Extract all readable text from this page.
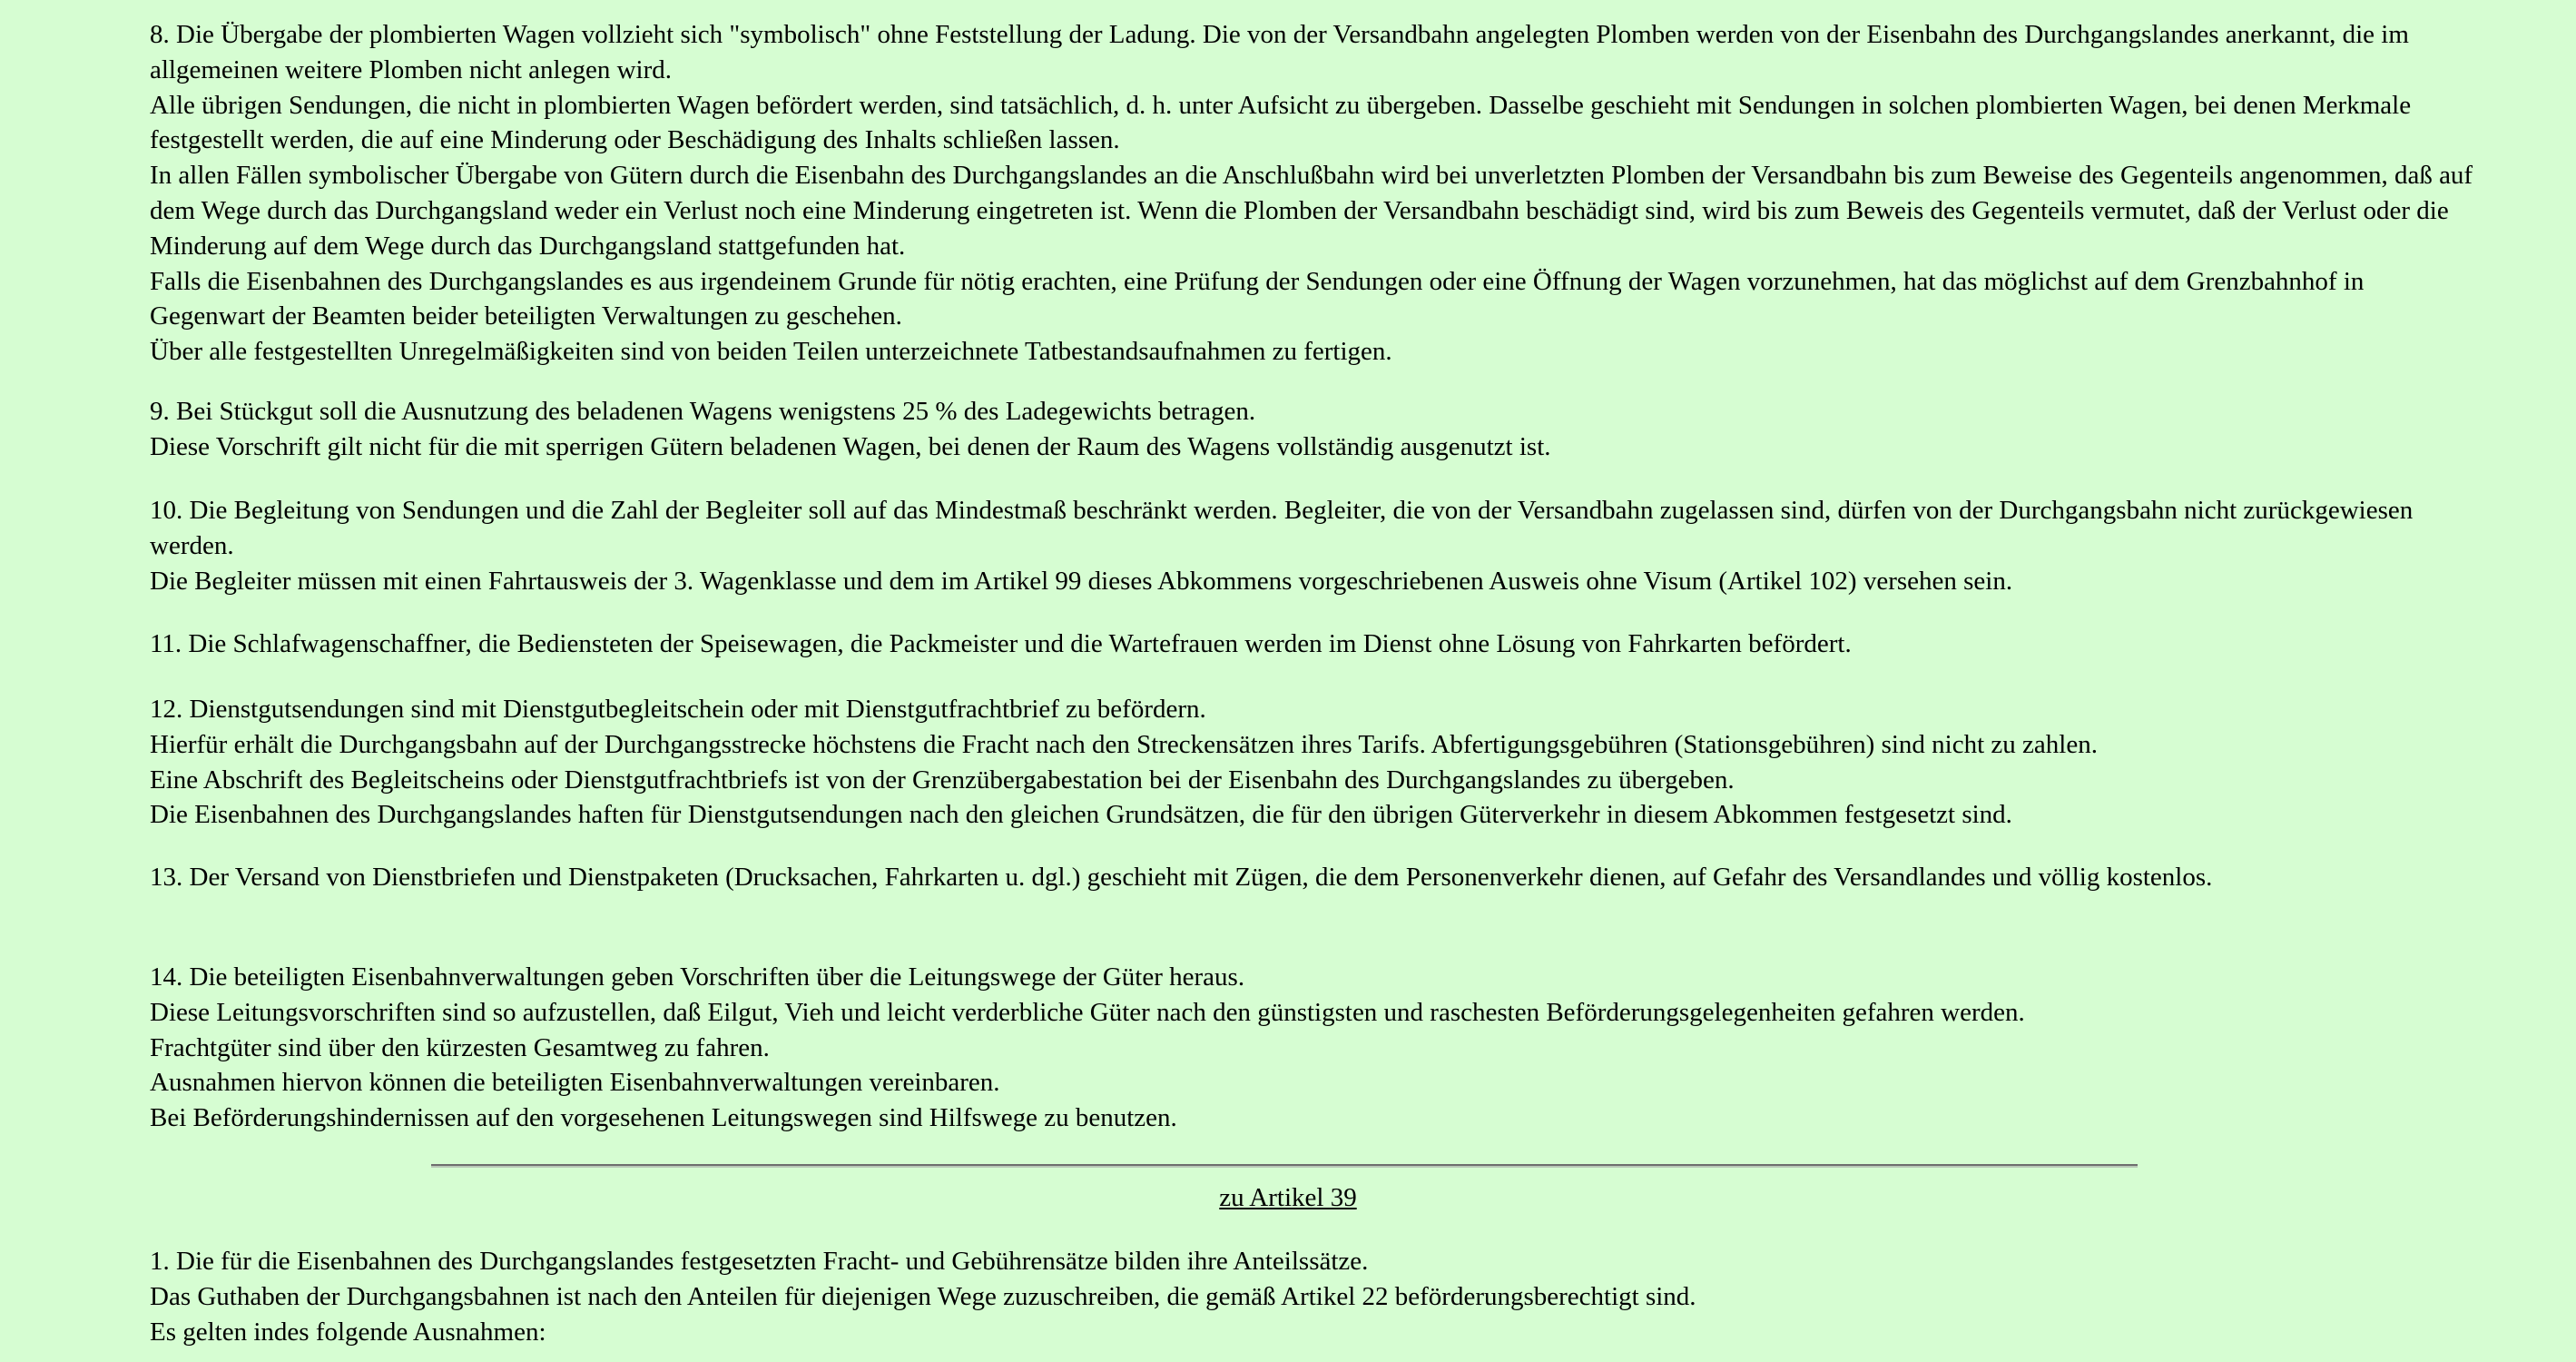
8. Die Übergabe der plombierten Wagen vollzieht sich "symbolisch" ohne Feststellung der Ladung. Die von der Versandbahn angelegten Plomben werden von der Eisenbahn des Durchgangslandes anerkannt, die im allgemeinen weitere Plomben nicht anlegen wird.

Alle übrigen Sendungen, die nicht in plombierten Wagen befördert werden, sind tatsächlich, d. h. unter Aufsicht zu übergeben. Dasselbe geschieht mit Sendungen in solchen plombierten Wagen, bei denen Merkmale festgestellt werden, die auf eine Minderung oder Beschädigung des Inhalts schließen lassen.

In allen Fällen symbolischer Übergabe von Gütern durch die Eisenbahn des Durchgangslandes an die Anschlußbahn wird bei unverletzten Plomben der Versandbahn bis zum Beweise des Gegenteils angenommen, daß auf dem Wege durch das Durchgangsland weder ein Verlust noch eine Minderung eingetreten ist. Wenn die Plomben der Versandbahn beschädigt sind, wird bis zum Beweis des Gegenteils vermutet, daß der Verlust oder die Minderung auf dem Wege durch das Durchgangsland stattgefunden hat.

Falls die Eisenbahnen des Durchgangslandes es aus irgendeinem Grunde für nötig erachten, eine Prüfung der Sendungen oder eine Öffnung der Wagen vorzunehmen, hat das möglichst auf dem Grenzbahnhof in Gegenwart der Beamten beider beteiligten Verwaltungen zu geschehen.

Über alle festgestellten Unregelmäßigkeiten sind von beiden Teilen unterzeichnete Tatbestandsaufnahmen zu fertigen.

9. Bei Stückgut soll die Ausnutzung des beladenen Wagens wenigstens 25 % des Ladegewichts betragen.

Diese Vorschrift gilt nicht für die mit sperrigen Gütern beladenen Wagen, bei denen der Raum des Wagens vollständig ausgenutzt ist.

10. Die Begleitung von Sendungen und die Zahl der Begleiter soll auf das Mindestmaß beschränkt werden. Begleiter, die von der Versandbahn zugelassen sind, dürfen von der Durchgangsbahn nicht zurückgewiesen werden.

Die Begleiter müssen mit einen Fahrtausweis der 3. Wagenklasse und dem im Artikel 99 dieses Abkommens vorgeschriebenen Ausweis ohne Visum (Artikel 102) versehen sein.

11. Die Schlafwagenschaffner, die Bediensteten der Speisewagen, die Packmeister und die Wartefrauen werden im Dienst ohne Lösung von Fahrkarten befördert.

12. Dienstgutsendungen sind mit Dienstgutbegleitschein oder mit Dienstgutfrachtbrief zu befördern.

Hierfür erhält die Durchgangsbahn auf der Durchgangsstrecke höchstens die Fracht nach den Streckensätzen ihres Tarifs. Abfertigungsgebühren (Stationsgebühren) sind nicht zu zahlen.

Eine Abschrift des Begleitscheins oder Dienstgutfrachtbriefs ist von der Grenzübergabestation bei der Eisenbahn des Durchgangslandes zu übergeben.

Die Eisenbahnen des Durchgangslandes haften für Dienstgutsendungen nach den gleichen Grundsätzen, die für den übrigen Güterverkehr in diesem Abkommen festgesetzt sind.

13. Der Versand von Dienstbriefen und Dienstpaketen (Drucksachen, Fahrkarten u. dgl.) geschieht mit Zügen, die dem Personenverkehr dienen, auf Gefahr des Versandlandes und völlig kostenlos.

14. Die beteiligten Eisenbahnverwaltungen geben Vorschriften über die Leitungswege der Güter heraus.

Diese Leitungsvorschriften sind so aufzustellen, daß Eilgut, Vieh und leicht verderbliche Güter nach den günstigsten und raschesten Beförderungsgelegenheiten gefahren werden.

Frachtgüter sind über den kürzesten Gesamtweg zu fahren.

Ausnahmen hiervon können die beteiligten Eisenbahnverwaltungen vereinbaren.

Bei Beförderungshindernissen auf den vorgesehenen Leitungswegen sind Hilfswege zu benutzen.

zu Artikel 39

1. Die für die Eisenbahnen des Durchgangslandes festgesetzten Fracht- und Gebührensätze bilden ihre Anteilssätze.

Das Guthaben der Durchgangsbahnen ist nach den Anteilen für diejenigen Wege zuzuschreiben, die gemäß Artikel 22 beförderungsberechtigt sind.

Es gelten indes folgende Ausnahmen:
